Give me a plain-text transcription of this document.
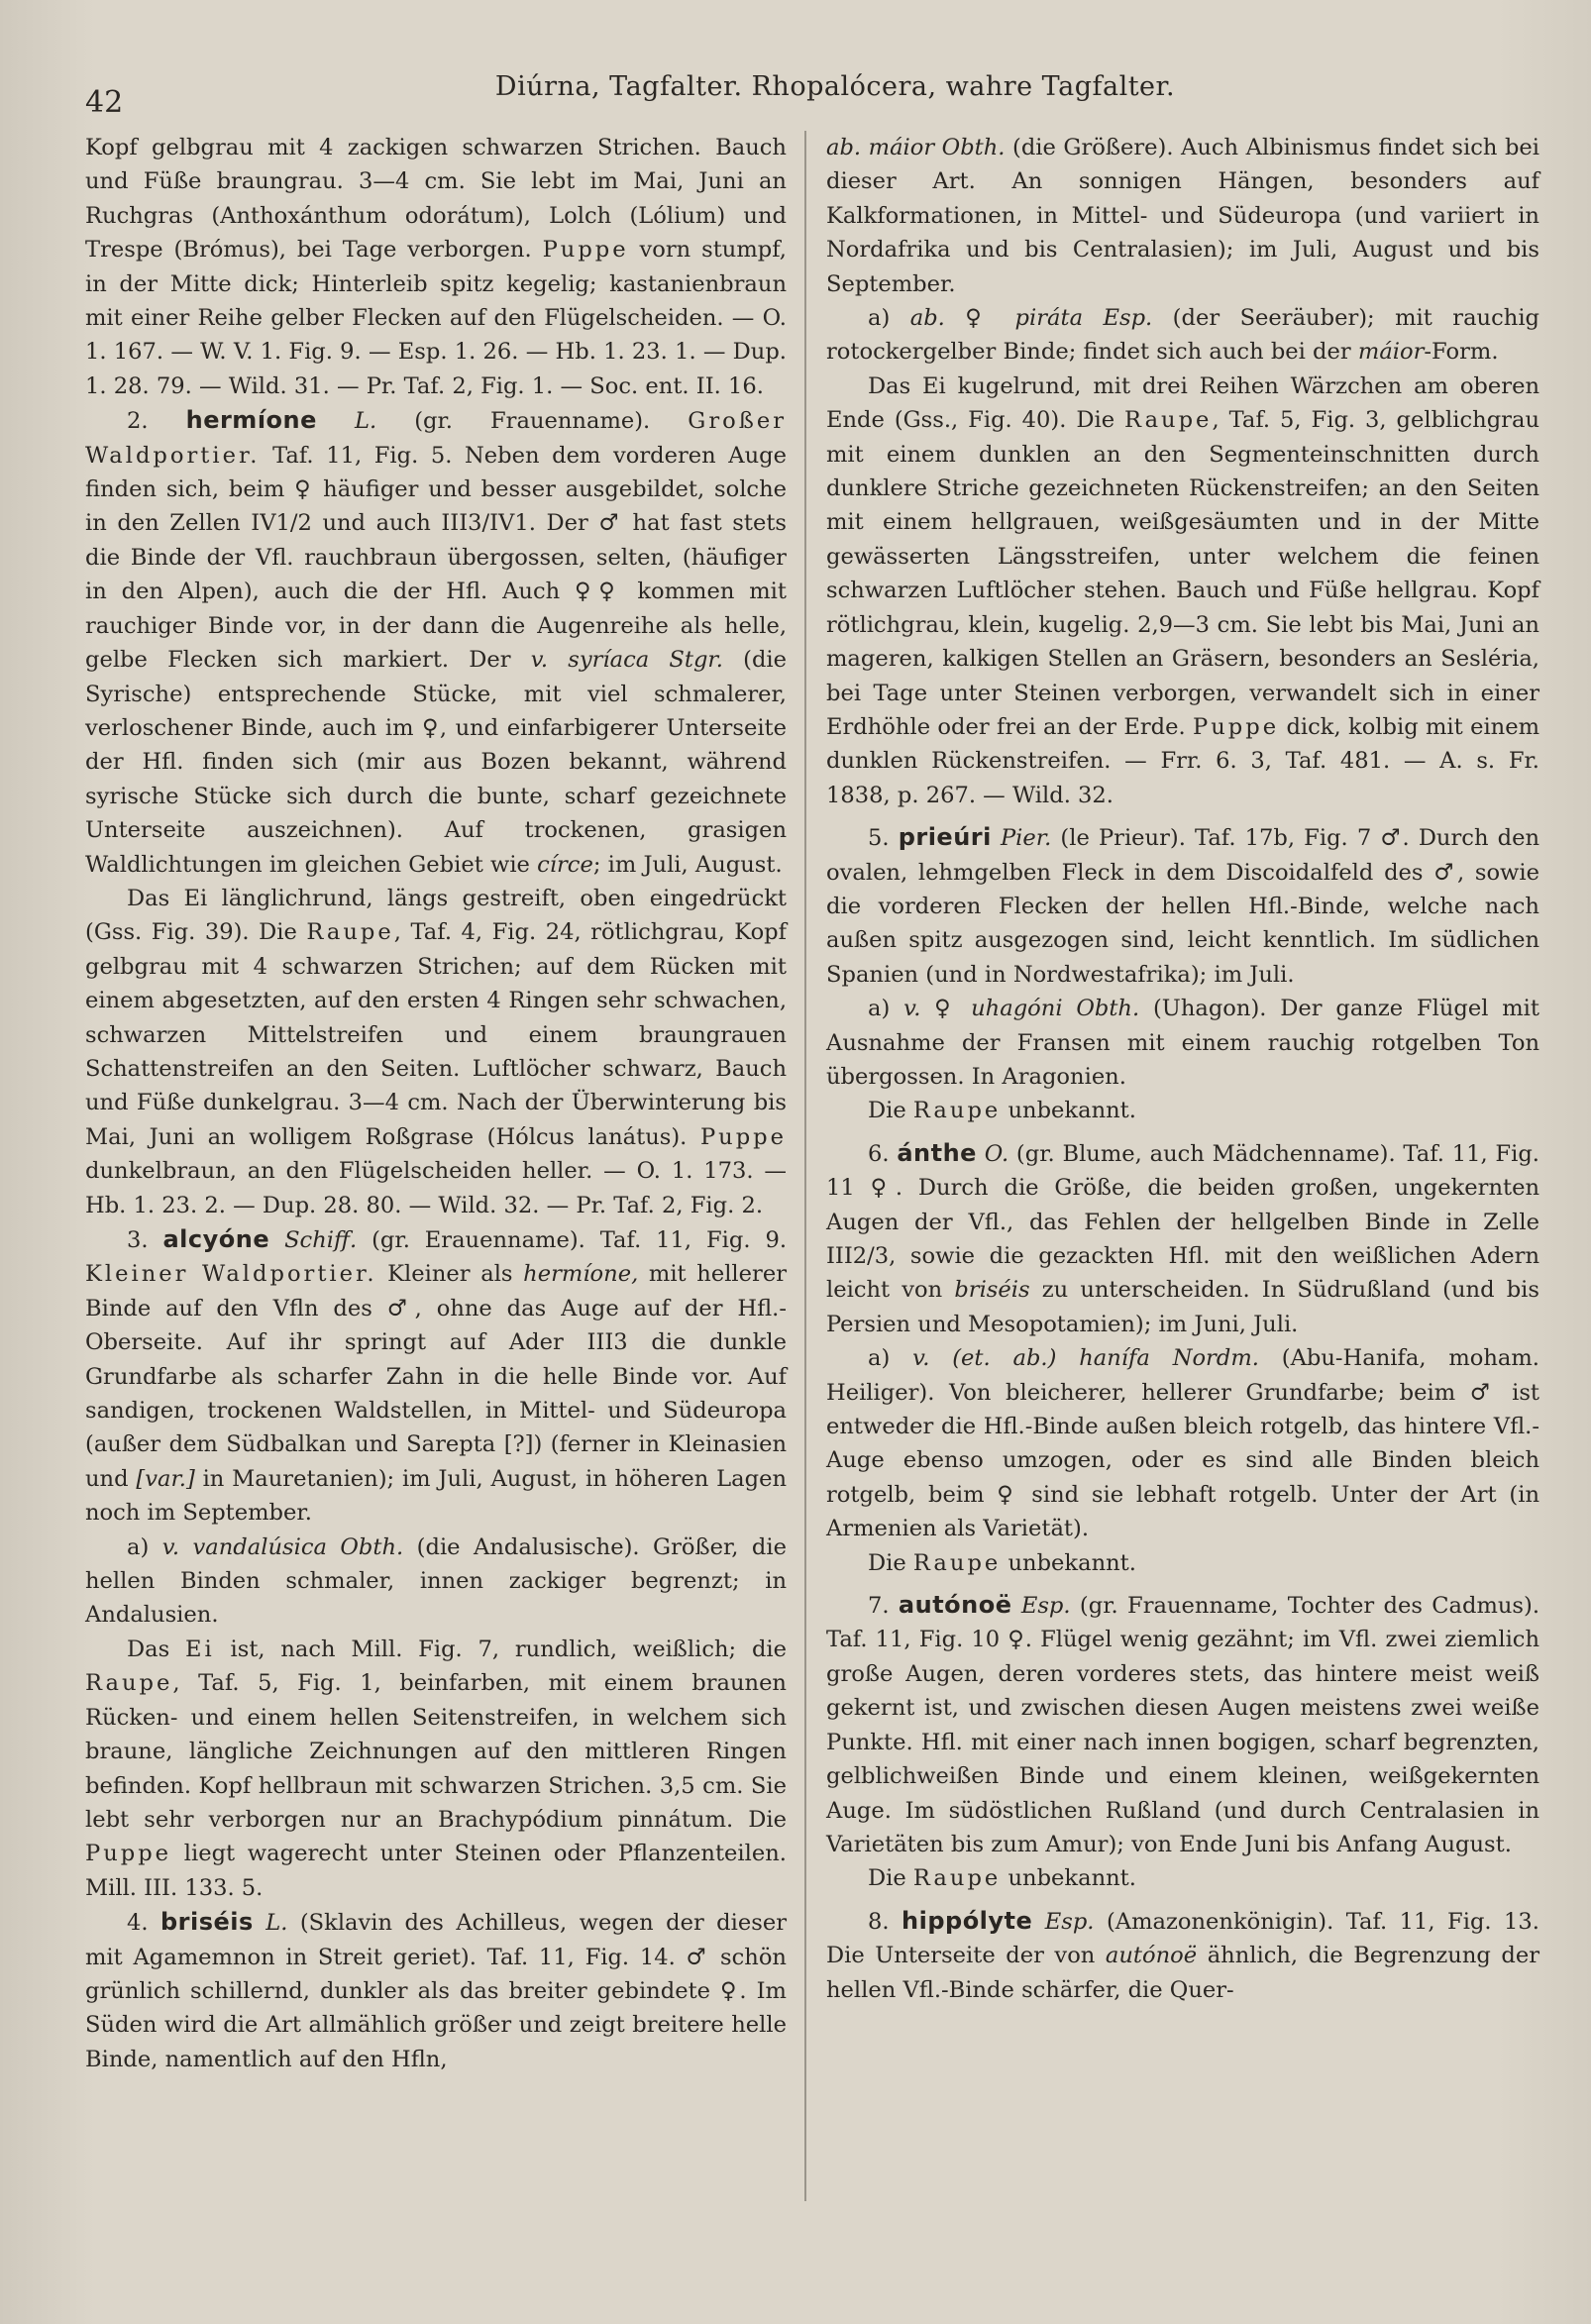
42	Diúrna, Tagfalter. Rhopalócera, wahre Tagfalter.

Kopf gelbgrau mit 4 zackigen schwarzen Strichen. Bauch und Füße braungrau. 3—4 cm. Sie lebt im Mai, Juni an Ruchgras (Anthoxánthum odorátum), Lolch (Lólium) und Trespe (Brómus), bei Tage verborgen. Puppe vorn stumpf, in der Mitte dick; Hinterleib spitz kegelig; kastanienbraun mit einer Reihe gelber Flecken auf den Flügelscheiden. — O. 1. 167. — W. V. 1. Fig. 9. — Esp. 1. 26. — Hb. 1. 23. 1. — Dup. 1. 28. 79. — Wild. 31. — Pr. Taf. 2, Fig. 1. — Soc. ent. II. 16.

2. hermíone L. (gr. Frauenname). Großer Waldportier. Taf. 11, Fig. 5. Neben dem vorderen Auge finden sich, beim ♀ häufiger und besser ausgebildet, solche in den Zellen IV1/2 und auch III3/IV1. Der ♂ hat fast stets die Binde der Vfl. rauchbraun übergossen, selten, (häufiger in den Alpen), auch die der Hfl. Auch ♀♀ kommen mit rauchiger Binde vor, in der dann die Augenreihe als helle, gelbe Flecken sich markiert. Der v. syríaca Stgr. (die Syrische) entsprechende Stücke, mit viel schmalerer, verloschener Binde, auch im ♀, und einfarbigerer Unterseite der Hfl. finden sich (mir aus Bozen bekannt, während syrische Stücke sich durch die bunte, scharf gezeichnete Unterseite auszeichnen). Auf trockenen, grasigen Waldlichtungen im gleichen Gebiet wie círce; im Juli, August.

Das Ei länglichrund, längs gestreift, oben eingedrückt (Gss. Fig. 39). Die Raupe, Taf. 4, Fig. 24, rötlichgrau, Kopf gelbgrau mit 4 schwarzen Strichen; auf dem Rücken mit einem abgesetzten, auf den ersten 4 Ringen sehr schwachen, schwarzen Mittelstreifen und einem braungrauen Schattenstreifen an den Seiten. Luftlöcher schwarz, Bauch und Füße dunkelgrau. 3—4 cm. Nach der Überwinterung bis Mai, Juni an wolligem Roßgrase (Hólcus lanátus). Puppe dunkelbraun, an den Flügelscheiden heller. — O. 1. 173. — Hb. 1. 23. 2. — Dup. 28. 80. — Wild. 32. — Pr. Taf. 2, Fig. 2.

3. alcyóne Schiff. (gr. Erauenname). Taf. 11, Fig. 9. Kleiner Waldportier. Kleiner als hermíone, mit hellerer Binde auf den Vfln des ♂, ohne das Auge auf der Hfl.-Oberseite. Auf ihr springt auf Ader III3 die dunkle Grundfarbe als scharfer Zahn in die helle Binde vor. Auf sandigen, trockenen Waldstellen, in Mittel- und Südeuropa (außer dem Südbalkan und Sarepta [?]) (ferner in Kleinasien und [var.] in Mauretanien); im Juli, August, in höheren Lagen noch im September.

a) v. vandalúsica Obth. (die Andalusische). Größer, die hellen Binden schmaler, innen zackiger begrenzt; in Andalusien.

Das Ei ist, nach Mill. Fig. 7, rundlich, weißlich; die Raupe, Taf. 5, Fig. 1, beinfarben, mit einem braunen Rücken- und einem hellen Seitenstreifen, in welchem sich braune, längliche Zeichnungen auf den mittleren Ringen befinden. Kopf hellbraun mit schwarzen Strichen. 3,5 cm. Sie lebt sehr verborgen nur an Brachypódium pinnátum. Die Puppe liegt wagerecht unter Steinen oder Pflanzenteilen. Mill. III. 133. 5.

4. briséis L. (Sklavin des Achilleus, wegen der dieser mit Agamemnon in Streit geriet). Taf. 11, Fig. 14. ♂ schön grünlich schillernd, dunkler als das breiter gebindete ♀. Im Süden wird die Art allmählich größer und zeigt breitere helle Binde, namentlich auf den Hfln,

ab. máior Obth. (die Größere). Auch Albinismus findet sich bei dieser Art. An sonnigen Hängen, besonders auf Kalkformationen, in Mittel- und Südeuropa (und variiert in Nordafrika und bis Centralasien); im Juli, August und bis September.

a) ab. ♀ piráta Esp. (der Seeräuber); mit rauchig rotockergelber Binde; findet sich auch bei der máior-Form.

Das Ei kugelrund, mit drei Reihen Wärzchen am oberen Ende (Gss., Fig. 40). Die Raupe, Taf. 5, Fig. 3, gelblichgrau mit einem dunklen an den Segmenteinschnitten durch dunklere Striche gezeichneten Rückenstreifen; an den Seiten mit einem hellgrauen, weißgesäumten und in der Mitte gewässerten Längsstreifen, unter welchem die feinen schwarzen Luftlöcher stehen. Bauch und Füße hellgrau. Kopf rötlichgrau, klein, kugelig. 2,9—3 cm. Sie lebt bis Mai, Juni an mageren, kalkigen Stellen an Gräsern, besonders an Sesléria, bei Tage unter Steinen verborgen, verwandelt sich in einer Erdhöhle oder frei an der Erde. Puppe dick, kolbig mit einem dunklen Rückenstreifen. — Frr. 6. 3, Taf. 481. — A. s. Fr. 1838, p. 267. — Wild. 32.

5. prieúri Pier. (le Prieur). Taf. 17b, Fig. 7 ♂. Durch den ovalen, lehmgelben Fleck in dem Discoidalfeld des ♂, sowie die vorderen Flecken der hellen Hfl.-Binde, welche nach außen spitz ausgezogen sind, leicht kenntlich. Im südlichen Spanien (und in Nordwestafrika); im Juli.

a) v. ♀ uhagóni Obth. (Uhagon). Der ganze Flügel mit Ausnahme der Fransen mit einem rauchig rotgelben Ton übergossen. In Aragonien.

Die Raupe unbekannt.

6. ánthe O. (gr. Blume, auch Mädchenname). Taf. 11, Fig. 11 ♀. Durch die Größe, die beiden großen, ungekernten Augen der Vfl., das Fehlen der hellgelben Binde in Zelle III2/3, sowie die gezackten Hfl. mit den weißlichen Adern leicht von briséis zu unterscheiden. In Südrußland (und bis Persien und Mesopotamien); im Juni, Juli.

a) v. (et. ab.) hanífa Nordm. (Abu-Hanifa, moham. Heiliger). Von bleicherer, hellerer Grundfarbe; beim ♂ ist entweder die Hfl.-Binde außen bleich rotgelb, das hintere Vfl.-Auge ebenso umzogen, oder es sind alle Binden bleich rotgelb, beim ♀ sind sie lebhaft rotgelb. Unter der Art (in Armenien als Varietät).

Die Raupe unbekannt.

7. autónoë Esp. (gr. Frauenname, Tochter des Cadmus). Taf. 11, Fig. 10 ♀. Flügel wenig gezähnt; im Vfl. zwei ziemlich große Augen, deren vorderes stets, das hintere meist weiß gekernt ist, und zwischen diesen Augen meistens zwei weiße Punkte. Hfl. mit einer nach innen bogigen, scharf begrenzten, gelblichweißen Binde und einem kleinen, weißgekernten Auge. Im südöstlichen Rußland (und durch Centralasien in Varietäten bis zum Amur); von Ende Juni bis Anfang August.

Die Raupe unbekannt.

8. hippólyte Esp. (Amazonenkönigin). Taf. 11, Fig. 13. Die Unterseite der von autónoë ähnlich, die Begrenzung der hellen Vfl.-Binde schärfer, die Quer-
